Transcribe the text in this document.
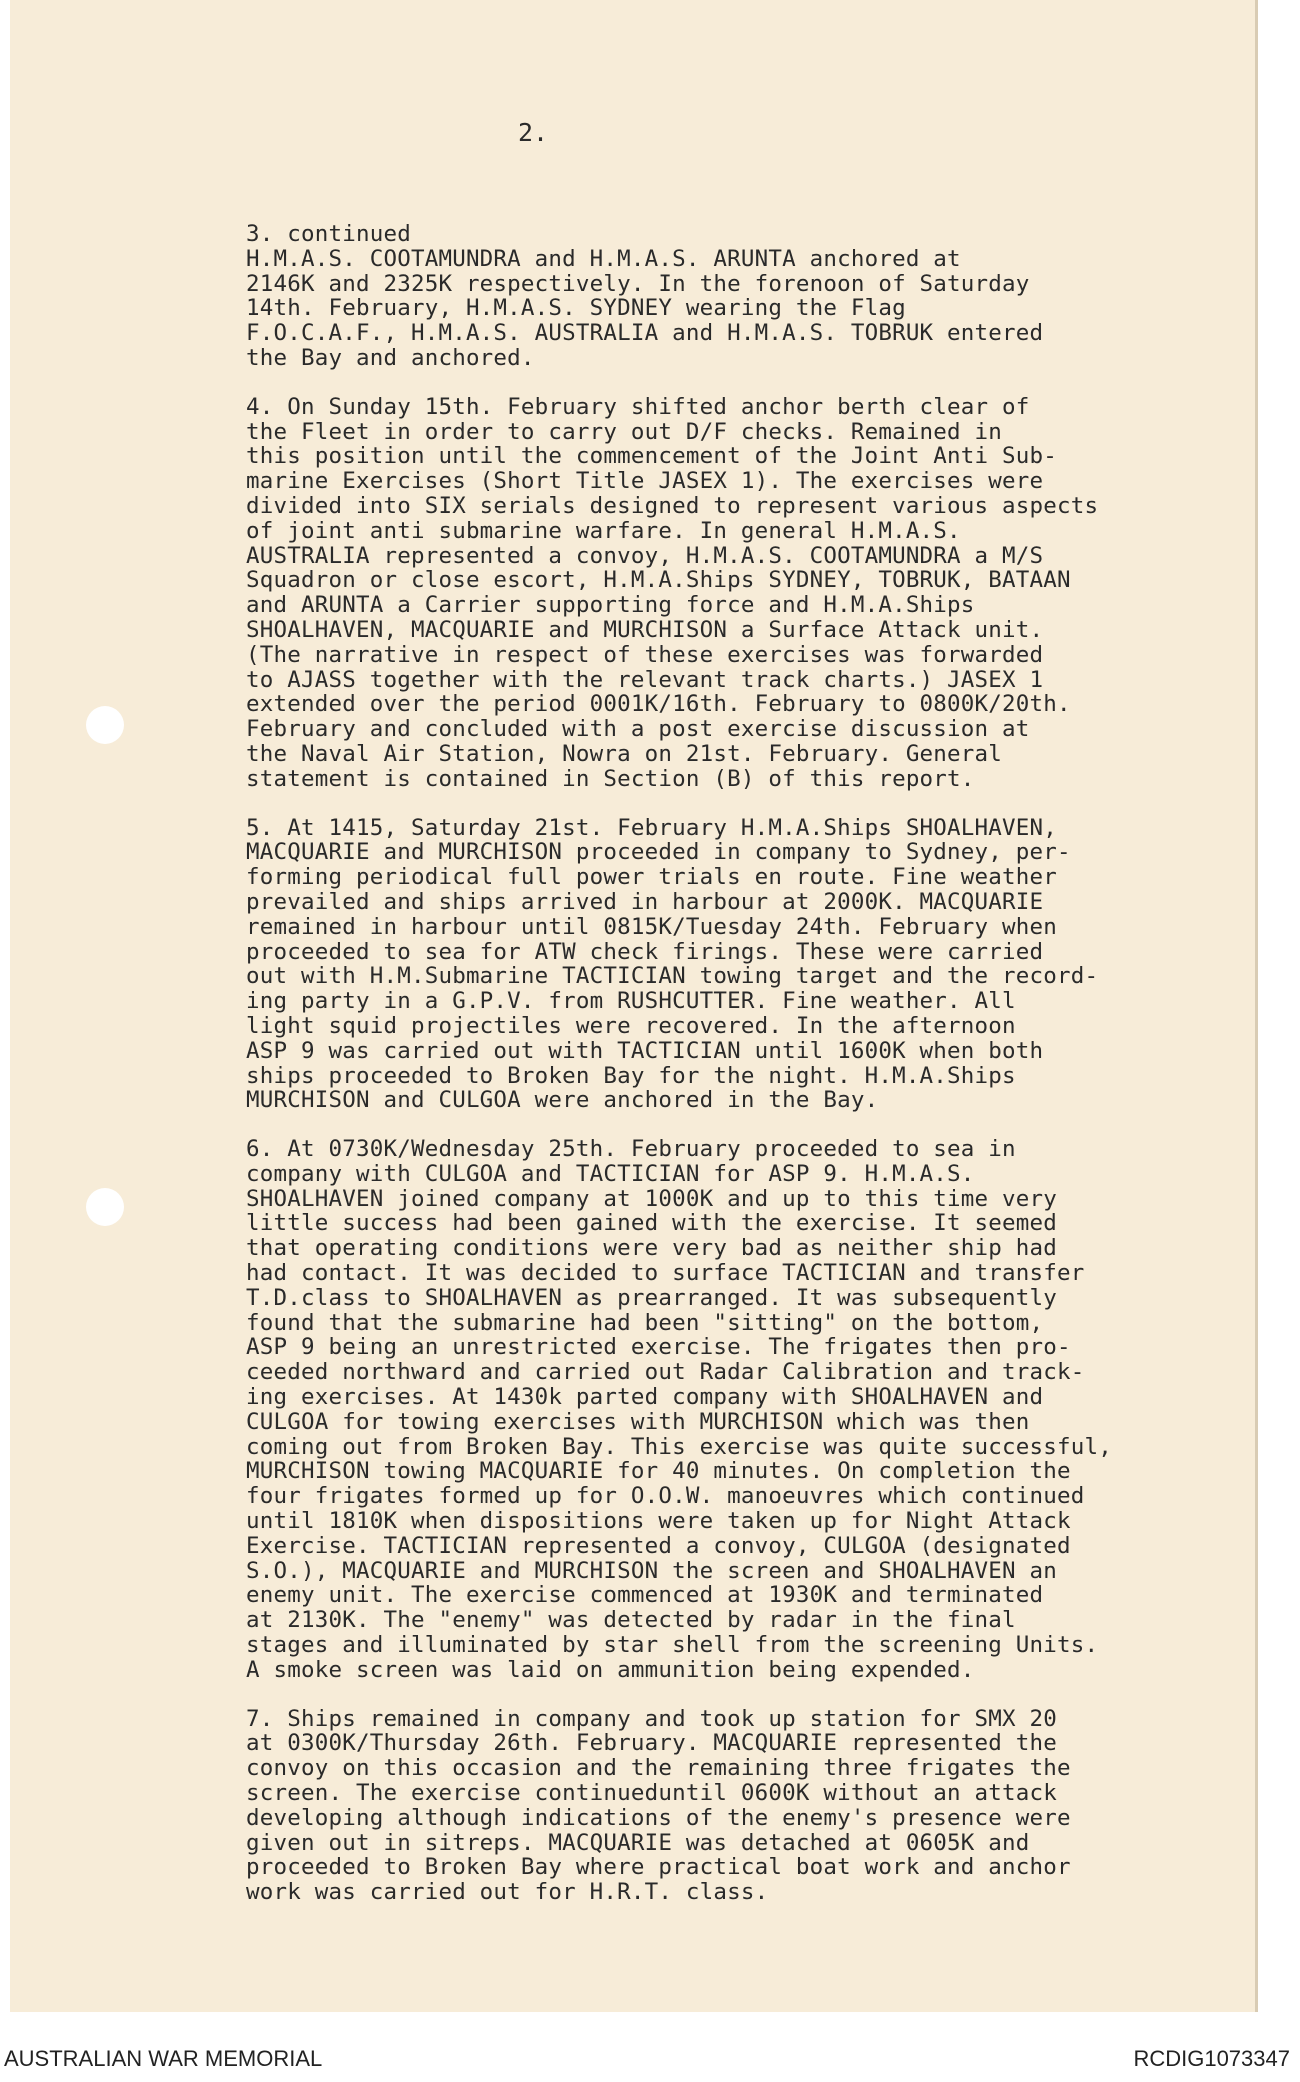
2.

3. continued
H.M.A.S. COOTAMUNDRA and H.M.A.S. ARUNTA anchored at
2146K and 2325K respectively. In the forenoon of Saturday
14th. February, H.M.A.S. SYDNEY wearing the Flag
F.O.C.A.F., H.M.A.S. AUSTRALIA and H.M.A.S. TOBRUK entered
the Bay and anchored.

4. On Sunday 15th. February shifted anchor berth clear of
the Fleet in order to carry out D/F checks. Remained in
this position until the commencement of the Joint Anti Sub-
marine Exercises (Short Title JASEX 1). The exercises were
divided into SIX serials designed to represent various aspects
of joint anti submarine warfare. In general H.M.A.S.
AUSTRALIA represented a convoy, H.M.A.S. COOTAMUNDRA a M/S
Squadron or close escort, H.M.A.Ships SYDNEY, TOBRUK, BATAAN
and ARUNTA a Carrier supporting force and H.M.A.Ships
SHOALHAVEN, MACQUARIE and MURCHISON a Surface Attack unit.
(The narrative in respect of these exercises was forwarded
to AJASS together with the relevant track charts.) JASEX 1
extended over the period 0001K/16th. February to 0800K/20th.
February and concluded with a post exercise discussion at
the Naval Air Station, Nowra on 21st. February. General
statement is contained in Section (B) of this report.

5. At 1415, Saturday 21st. February H.M.A.Ships SHOALHAVEN,
MACQUARIE and MURCHISON proceeded in company to Sydney, per-
forming periodical full power trials en route. Fine weather
prevailed and ships arrived in harbour at 2000K. MACQUARIE
remained in harbour until 0815K/Tuesday 24th. February when
proceeded to sea for ATW check firings. These were carried
out with H.M.Submarine TACTICIAN towing target and the record-
ing party in a G.P.V. from RUSHCUTTER. Fine weather. All
light squid projectiles were recovered. In the afternoon
ASP 9 was carried out with TACTICIAN until 1600K when both
ships proceeded to Broken Bay for the night. H.M.A.Ships
MURCHISON and CULGOA were anchored in the Bay.

6. At 0730K/Wednesday 25th. February proceeded to sea in
company with CULGOA and TACTICIAN for ASP 9. H.M.A.S.
SHOALHAVEN joined company at 1000K and up to this time very
little success had been gained with the exercise. It seemed
that operating conditions were very bad as neither ship had
had contact. It was decided to surface TACTICIAN and transfer
T.D.class to SHOALHAVEN as prearranged. It was subsequently
found that the submarine had been "sitting" on the bottom,
ASP 9 being an unrestricted exercise. The frigates then pro-
ceeded northward and carried out Radar Calibration and track-
ing exercises. At 1430k parted company with SHOALHAVEN and
CULGOA for towing exercises with MURCHISON which was then
coming out from Broken Bay. This exercise was quite successful,
MURCHISON towing MACQUARIE for 40 minutes. On completion the
four frigates formed up for O.O.W. manoeuvres which continued
until 1810K when dispositions were taken up for Night Attack
Exercise. TACTICIAN represented a convoy, CULGOA (designated
S.O.), MACQUARIE and MURCHISON the screen and SHOALHAVEN an
enemy unit. The exercise commenced at 1930K and terminated
at 2130K. The "enemy" was detected by radar in the final
stages and illuminated by star shell from the screening Units.
A smoke screen was laid on ammunition being expended.

7. Ships remained in company and took up station for SMX 20
at 0300K/Thursday 26th. February. MACQUARIE represented the
convoy on this occasion and the remaining three frigates the
screen. The exercise continueduntil 0600K without an attack
developing although indications of the enemy's presence were
given out in sitreps. MACQUARIE was detached at 0605K and
proceeded to Broken Bay where practical boat work and anchor
work was carried out for H.R.T. class.

AUSTRALIAN WAR MEMORIAL	RCDIG1073347
